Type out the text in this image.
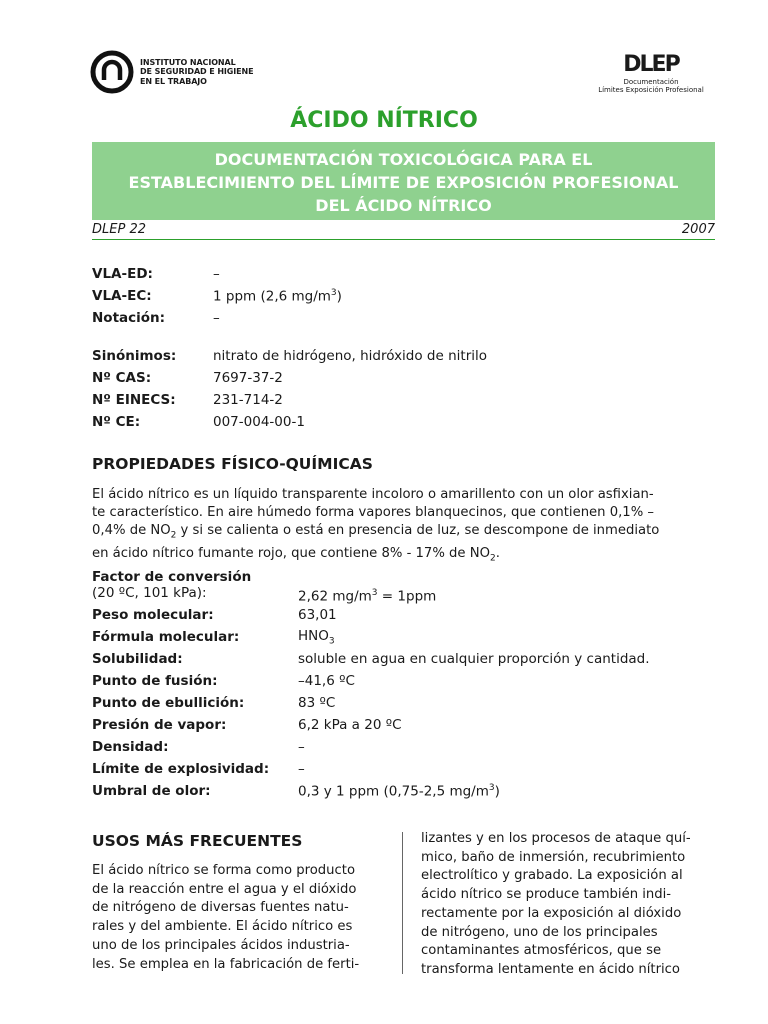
INSTITUTO NACIONAL
DE SEGURIDAD E HIGIENE
EN EL TRABAJO
DLEP
Documentación
Límites Exposición Profesional
ÁCIDO NÍTRICO
DOCUMENTACIÓN TOXICOLÓGICA PARA EL
ESTABLECIMIENTO DEL LÍMITE DE EXPOSICIÓN PROFESIONAL
DEL ÁCIDO NÍTRICO
DLEP 22	2007
VLA-ED:	–
VLA-EC:	1 ppm (2,6 $mg/m^3$)
Notación:	–
Sinónimos:	nitrato de hidrógeno, hidróxido de nitrilo
Nº CAS:	7697-37-2
Nº EINECS:	231-714-2
Nº CE:	007-004-00-1
PROPIEDADES FÍSICO-QUÍMICAS
El ácido nítrico es un líquido transparente incoloro o amarillento con un olor asfixian-
te característico. En aire húmedo forma vapores blanquecinos, que contienen 0,1% –
0,4% de $NO_2$ y si se calienta o está en presencia de luz, se descompone de inmediato
en ácido nítrico fumante rojo, que contiene 8% - 17% de $NO_2$.
Factor de conversión
(20 ºC, 101 kPa):	2,62 $mg/m^3 = 1ppm$
Peso molecular:	63,01
Fórmula molecular:	$HNO_3$
Solubilidad:	soluble en agua en cualquier proporción y cantidad.
Punto de fusión:	–41,6 ºC
Punto de ebullición:	83 ºC
Presión de vapor:	6,2 kPa a 20 ºC
Densidad:	–
Límite de explosividad:	–
Umbral de olor:	0,3 y 1 ppm (0,75-2,5 $mg/m^3$)
USOS MÁS FRECUENTES
El ácido nítrico se forma como producto
de la reacción entre el agua y el dióxido
de nitrógeno de diversas fuentes natu-
rales y del ambiente. El ácido nítrico es
uno de los principales ácidos industria-
les. Se emplea en la fabricación de ferti-
lizantes y en los procesos de ataque quí-
mico, baño de inmersión, recubrimiento
electrolítico y grabado. La exposición al
ácido nítrico se produce también indi-
rectamente por la exposición al dióxido
de nitrógeno, uno de los principales
contaminantes atmosféricos, que se
transforma lentamente en ácido nítrico
